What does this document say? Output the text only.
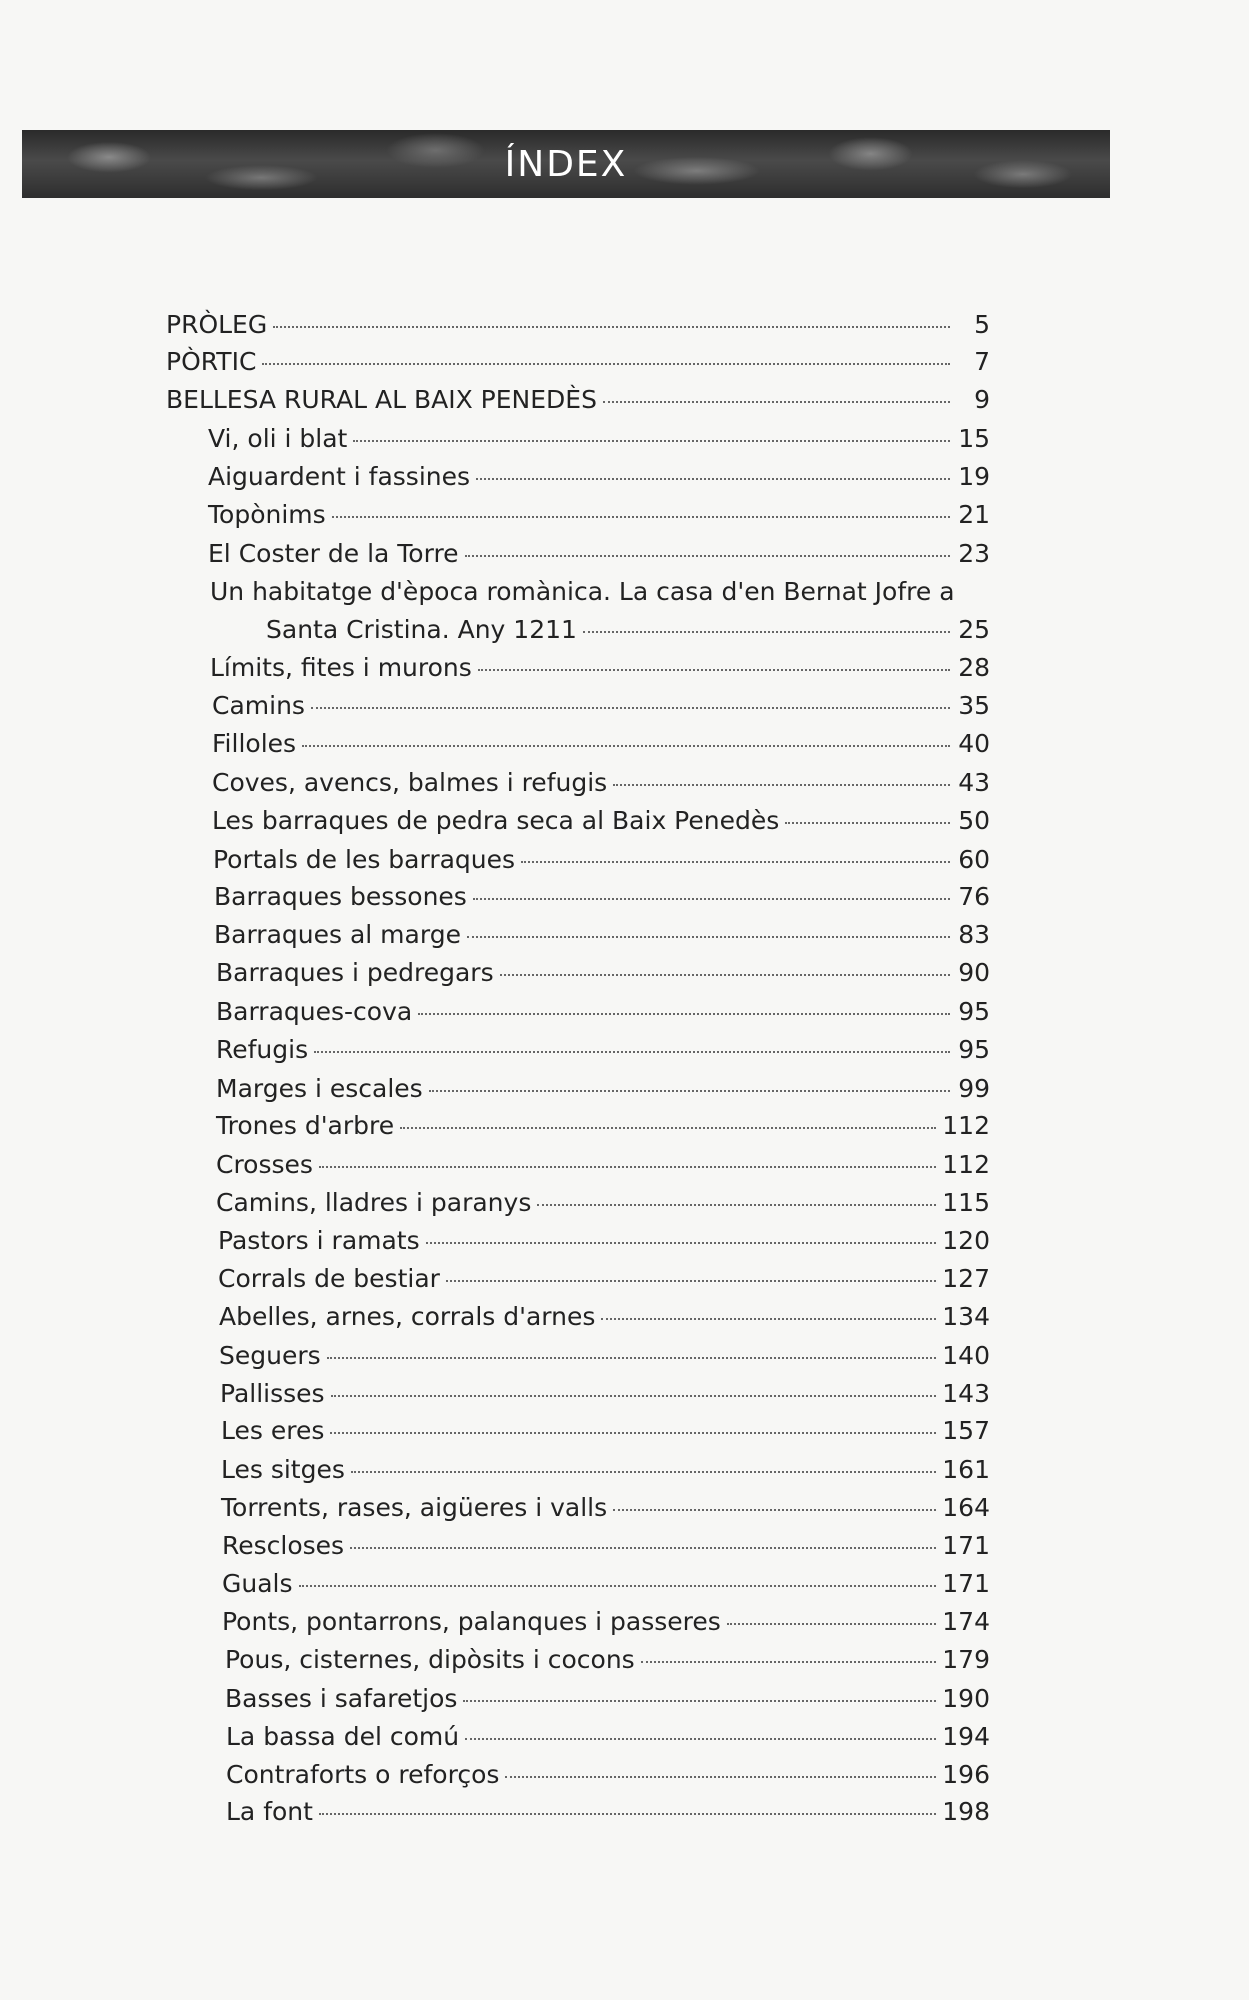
ÍNDEX
PRÒLEG	5
PÒRTIC	7
BELLESA RURAL AL BAIX PENEDÈS	9
Vi, oli i blat	15
Aiguardent i fassines	19
Topònims	21
El Coster de la Torre	23
Un habitatge d'època romànica. La casa d'en Bernat Jofre a
Santa Cristina. Any 1211	25
Límits, fites i murons	28
Camins	35
Filloles	40
Coves, avencs, balmes i refugis	43
Les barraques de pedra seca al Baix Penedès	50
Portals de les barraques	60
Barraques bessones	76
Barraques al marge	83
Barraques i pedregars	90
Barraques-cova	95
Refugis	95
Marges i escales	99
Trones d'arbre	112
Crosses	112
Camins, lladres i paranys	115
Pastors i ramats	120
Corrals de bestiar	127
Abelles, arnes, corrals d'arnes	134
Seguers	140
Pallisses	143
Les eres	157
Les sitges	161
Torrents, rases, aigüeres i valls	164
Rescloses	171
Guals	171
Ponts, pontarrons, palanques i passeres	174
Pous, cisternes, dipòsits i cocons	179
Basses i safaretjos	190
La bassa del comú	194
Contraforts o reforços	196
La font	198
